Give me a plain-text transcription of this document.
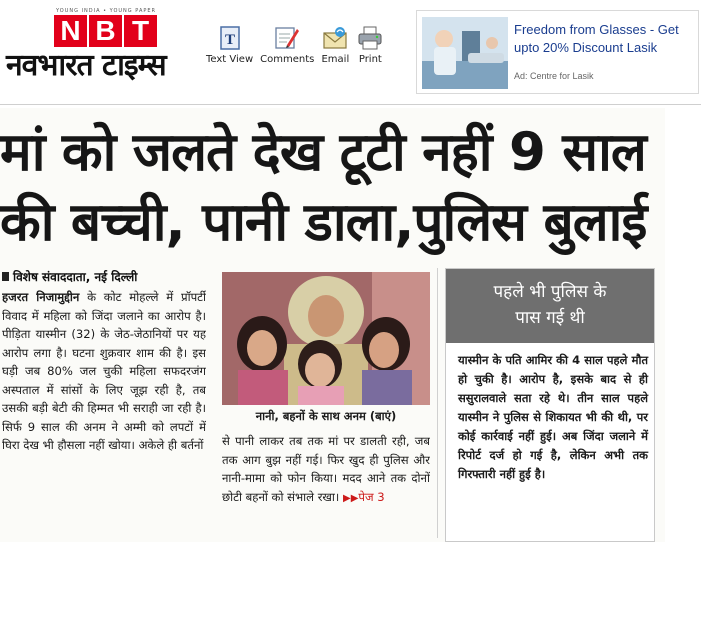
YOUNG INDIA • YOUNG PAPER
N B T
नवभारत टाइम्स
T
Text View Comments Email Print
Freedom from Glasses - Get upto 20% Discount Lasik
Ad: Centre for Lasik
मां को जलते देख टूटी नहीं 9 साल
की बच्ची, पानी डाला,पुलिस बुलाई
विशेष संवाददाता, नई दिल्ली
हजरत निजामुद्दीन के कोट मोहल्ले में प्रॉपर्टी विवाद में महिला को जिंदा जलाने का आरोप है। पीड़िता यास्मीन (32) के जेठ-जेठानियों पर यह आरोप लगा है। घटना शुक्रवार शाम की है। इस घड़ी जब 80% जल चुकी महिला सफदरजंग अस्पताल में सांसों के लिए जूझ रही है, तब उसकी बड़ी बेटी की हिम्मत भी सराही जा रही है। सिर्फ 9 साल की अनम ने अम्मी को लपटों में घिरा देख भी हौसला नहीं खोया। अकेले ही बर्तनों
नानी, बहनों के साथ अनम (बाएं)
से पानी लाकर तब तक मां पर डालती रही, जब तक आग बुझ नहीं गई। फिर खुद ही पुलिस और नानी-मामा को फोन किया। मदद आने तक दोनों छोटी बहनों को संभाले रखा। ▶▶पेज 3
पहले भी पुलिस के
पास गई थी
यास्मीन के पति आमिर की 4 साल पहले मौत हो चुकी है। आरोप है, इसके बाद से ही ससुरालवाले सता रहे थे। तीन साल पहले यास्मीन ने पुलिस से शिकायत भी की थी, पर कोई कार्रवाई नहीं हुई। अब जिंदा जलाने में रिपोर्ट दर्ज हो गई है, लेकिन अभी तक गिरफ्तारी नहीं हुई है।
